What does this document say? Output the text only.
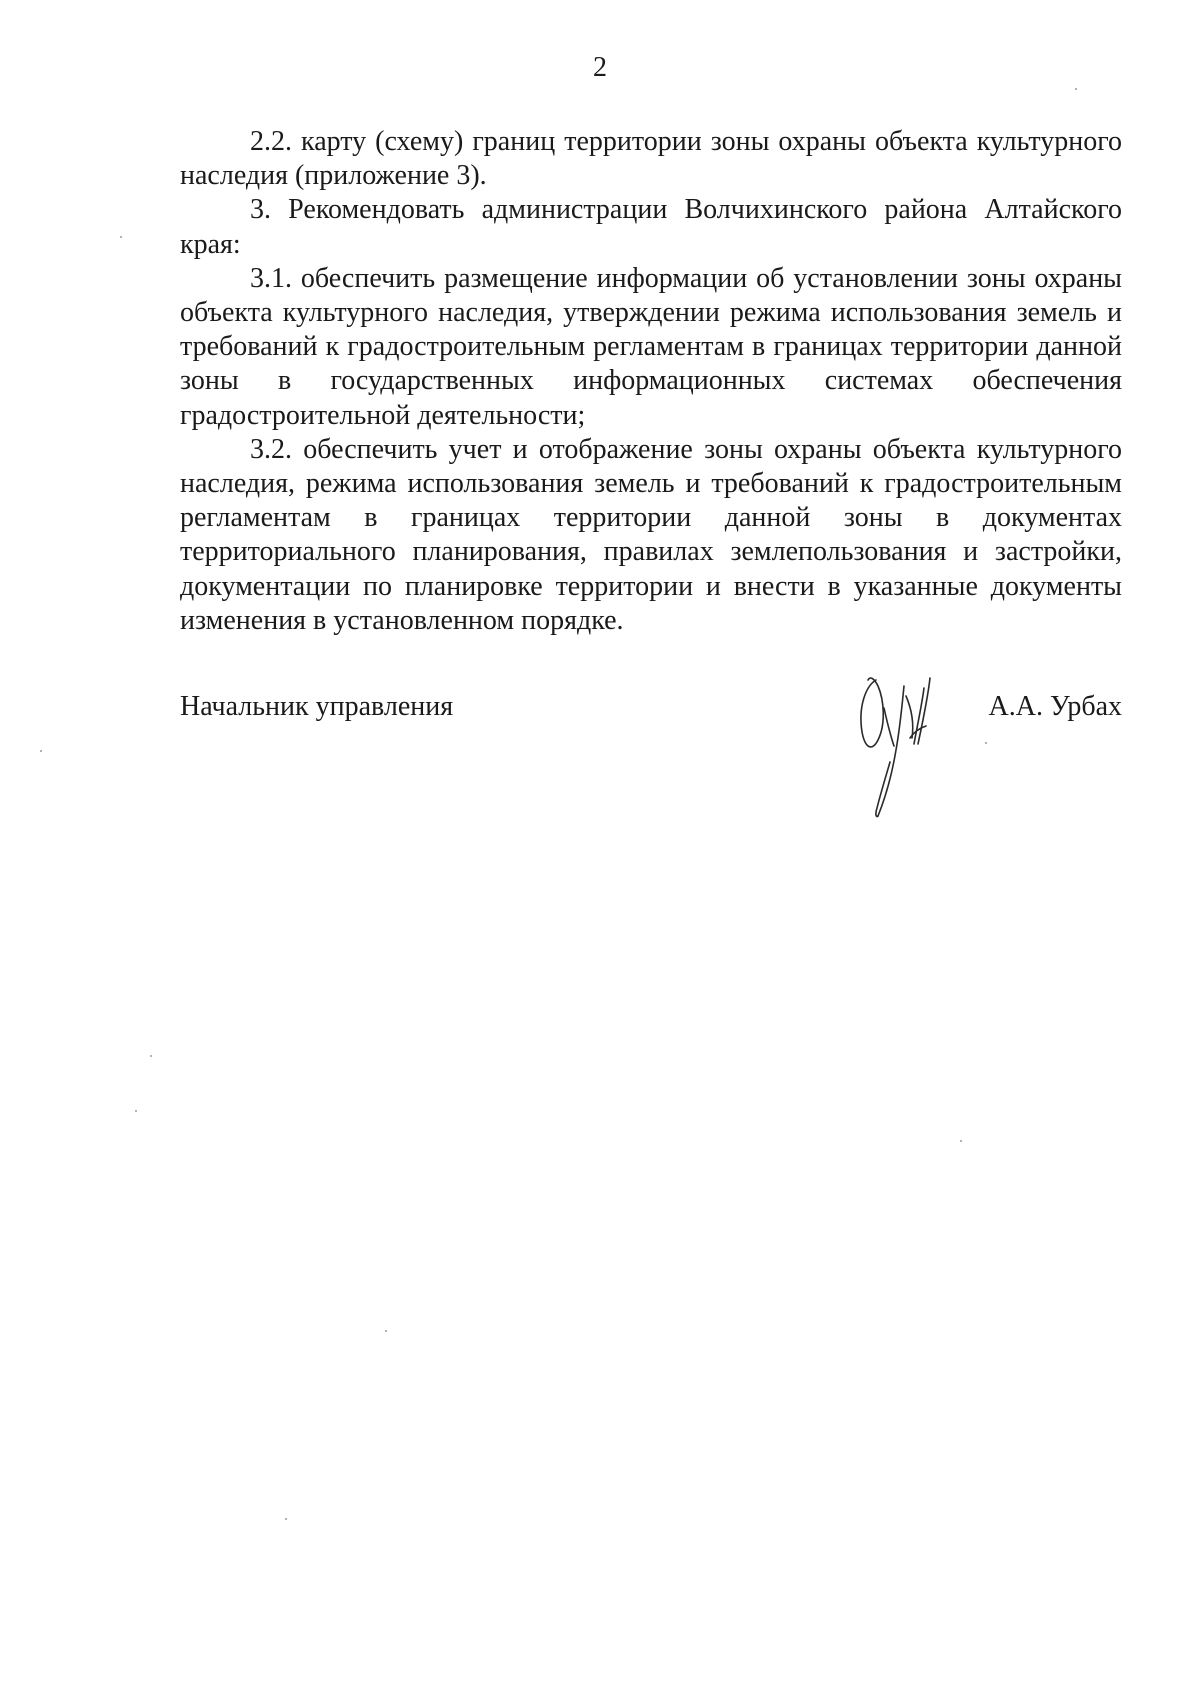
2

2.2. карту (схему) границ территории зоны охраны объекта культурного наследия (приложение 3).

3. Рекомендовать администрации Волчихинского района Алтайского края:

3.1. обеспечить размещение информации об установлении зоны охраны объекта культурного наследия, утверждении режима использования земель и требований к градостроительным регламентам в границах территории данной зоны в государственных информационных системах обеспечения градостроительной деятельности;

3.2. обеспечить учет и отображение зоны охраны объекта культурного наследия, режима использования земель и требований к градостроительным регламентам в границах территории данной зоны в документах территориального планирования, правилах землепользования и застройки, документации по планировке территории и внести в указанные документы изменения в установленном порядке.

Начальник управления	А.А. Урбах
